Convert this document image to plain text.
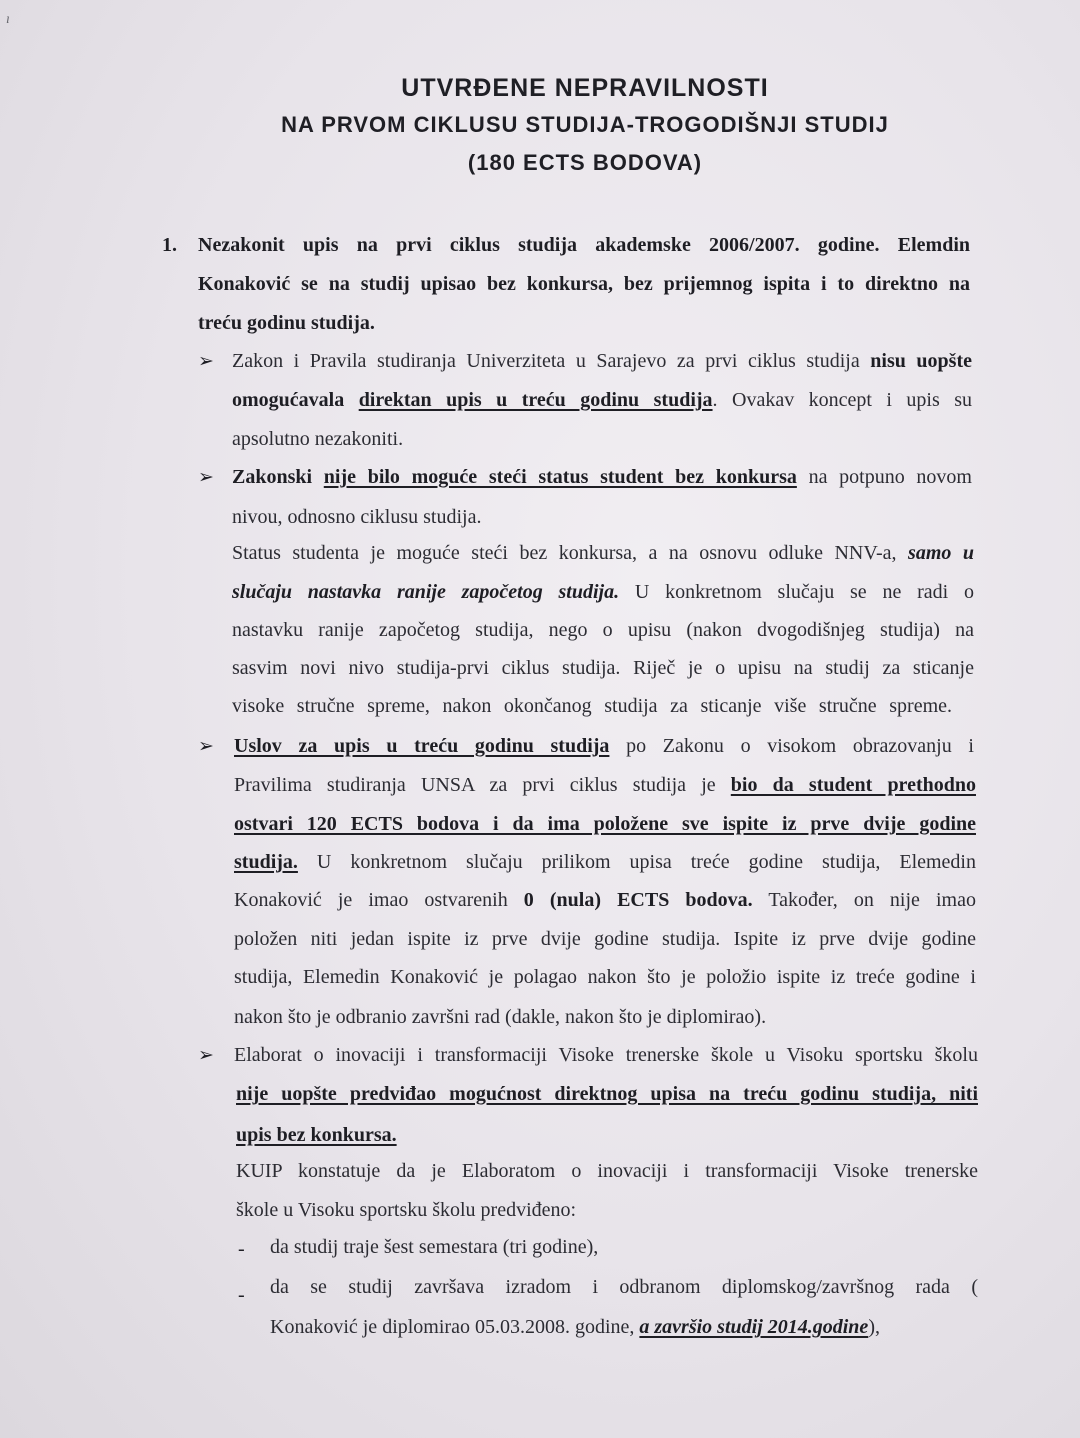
ı
UTVRĐENE NEPRAVILNOSTI
NA PRVOM CIKLUSU STUDIJA-TROGODIŠNJI STUDIJ
(180 ECTS BODOVA)
1. Nezakonit upis na prvi ciklus studija akademske 2006/2007. godine. Elemdin
Konaković se na studij upisao bez konkursa, bez prijemnog ispita i to direktno na
treću godinu studija.
➢ Zakon i Pravila studiranja Univerziteta u Sarajevo za prvi ciklus studija nisu uopšte
omogućavala direktan upis u treću godinu studija. Ovakav koncept i upis su
apsolutno nezakoniti.
➢ Zakonski nije bilo moguće steći status student bez konkursa na potpuno novom
nivou, odnosno ciklusu studija.
Status studenta je moguće steći bez konkursa, a na osnovu odluke NNV-a, samo u
slučaju nastavka ranije započetog studija. U konkretnom slučaju se ne radi o
nastavku ranije započetog studija, nego o upisu (nakon dvogodišnjeg studija) na
sasvim novi nivo studija-prvi ciklus studija. Riječ je o upisu na studij za sticanje
visoke stručne spreme, nakon okončanog studija za sticanje više stručne spreme.
➢ Uslov za upis u treću godinu studija po Zakonu o visokom obrazovanju i
Pravilima studiranja UNSA za prvi ciklus studija je bio da student prethodno
ostvari 120 ECTS bodova i da ima položene sve ispite iz prve dvije godine
studija. U konkretnom slučaju prilikom upisa treće godine studija, Elemedin
Konaković je imao ostvarenih 0 (nula) ECTS bodova. Također, on nije imao
položen niti jedan ispite iz prve dvije godine studija. Ispite iz prve dvije godine
studija, Elemedin Konaković je polagao nakon što je položio ispite iz treće godine i
nakon što je odbranio završni rad (dakle, nakon što je diplomirao).
➢ Elaborat o inovaciji i transformaciji Visoke trenerske škole u Visoku sportsku školu
nije uopšte predviđao mogućnost direktnog upisa na treću godinu studija, niti
upis bez konkursa.
KUIP konstatuje da je Elaboratom o inovaciji i transformaciji Visoke trenerske
škole u Visoku sportsku školu predviđeno:
- da studij traje šest semestara (tri godine),
- da se studij završava izradom i odbranom diplomskog/završnog rada (
Konaković je diplomirao 05.03.2008. godine, a završio studij 2014.godine),
